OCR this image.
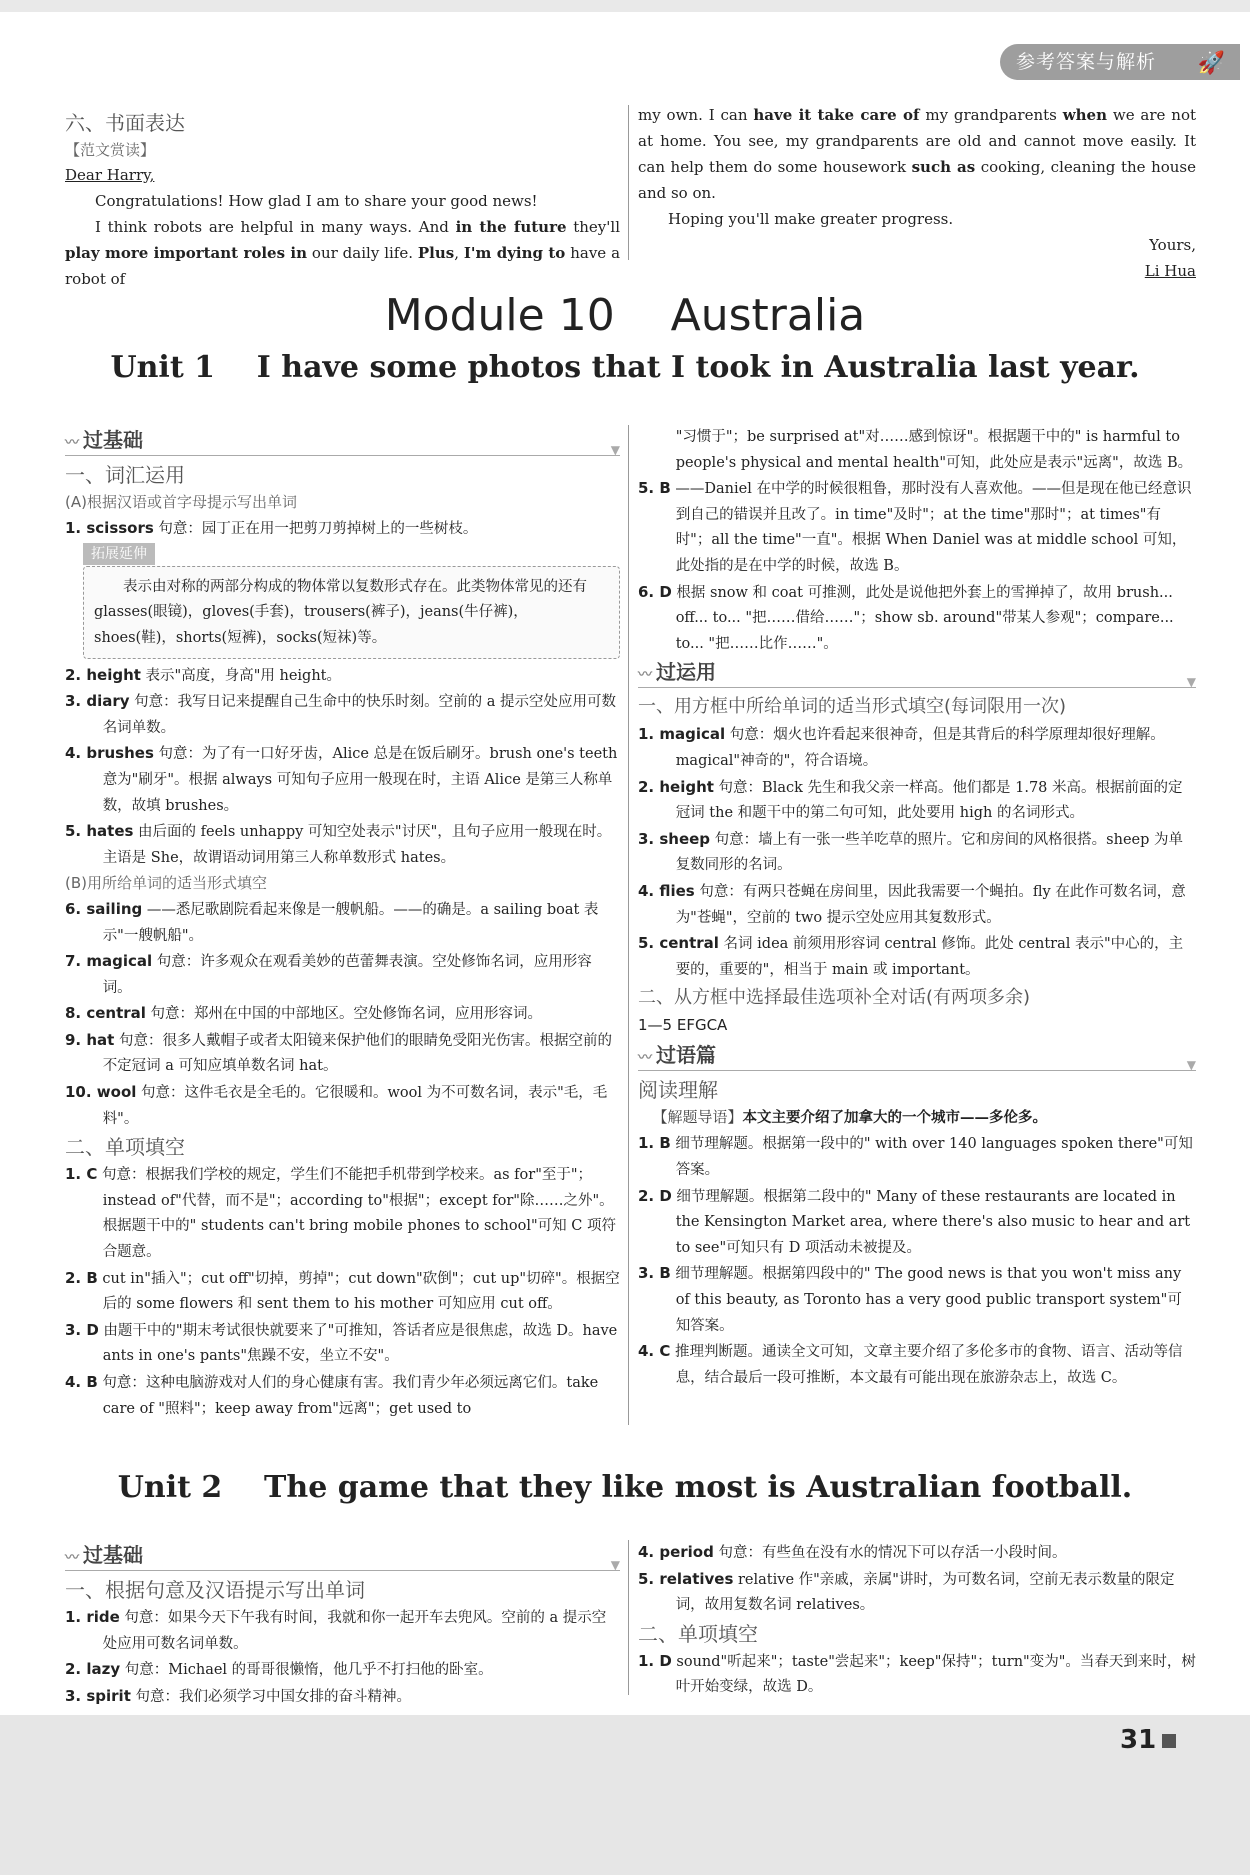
参考答案与解析 🚀
六、书面表达
【范文赏读】

Dear Harry,

Congratulations! How glad I am to share your good news!

I think robots are helpful in many ways. And in the future they'll play more important roles in our daily life. Plus, I'm dying to have a robot of

my own. I can have it take care of my grandparents when we are not at home. You see, my grandparents are old and cannot move easily. It can help them do some housework such as cooking, cleaning the house and so on.

Hoping you'll make greater progress.

Yours,

Li Hua

Module 10    Australia
Unit 1    I have some photos that I took in Australia last year.
〰 过基础	▼
一、词汇运用
(A)根据汉语或首字母提示写出单词

1. scissors 句意：园丁正在用一把剪刀剪掉树上的一些树枝。

拓展延伸

表示由对称的两部分构成的物体常以复数形式存在。此类物体常见的还有 glasses(眼镜)，gloves(手套)，trousers(裤子)，jeans(牛仔裤)，shoes(鞋)，shorts(短裤)，socks(短袜)等。

2. height 表示"高度，身高"用 height。

3. diary 句意：我写日记来提醒自己生命中的快乐时刻。空前的 a 提示空处应用可数名词单数。

4. brushes 句意：为了有一口好牙齿，Alice 总是在饭后刷牙。brush one's teeth 意为"刷牙"。根据 always 可知句子应用一般现在时，主语 Alice 是第三人称单数，故填 brushes。

5. hates 由后面的 feels unhappy 可知空处表示"讨厌"，且句子应用一般现在时。主语是 She，故谓语动词用第三人称单数形式 hates。

(B)用所给单词的适当形式填空

6. sailing ——悉尼歌剧院看起来像是一艘帆船。——的确是。a sailing boat 表示"一艘帆船"。

7. magical 句意：许多观众在观看美妙的芭蕾舞表演。空处修饰名词，应用形容词。

8. central 句意：郑州在中国的中部地区。空处修饰名词，应用形容词。

9. hat 句意：很多人戴帽子或者太阳镜来保护他们的眼睛免受阳光伤害。根据空前的不定冠词 a 可知应填单数名词 hat。

10. wool 句意：这件毛衣是全毛的。它很暖和。wool 为不可数名词，表示"毛，毛料"。

二、单项填空

1. C 句意：根据我们学校的规定，学生们不能把手机带到学校来。as for"至于"；instead of"代替，而不是"；according to"根据"；except for"除……之外"。根据题干中的" students can't bring mobile phones to school"可知 C 项符合题意。

2. B cut in"插入"；cut off"切掉，剪掉"；cut down"砍倒"；cut up"切碎"。根据空后的 some flowers 和 sent them to his mother 可知应用 cut off。

3. D 由题干中的"期末考试很快就要来了"可推知，答话者应是很焦虑，故选 D。have ants in one's pants"焦躁不安，坐立不安"。

4. B 句意：这种电脑游戏对人们的身心健康有害。我们青少年必须远离它们。take care of "照料"；keep away from"远离"；get used to

"习惯于"；be surprised at"对……感到惊讶"。根据题干中的" is harmful to people's physical and mental health"可知，此处应是表示"远离"，故选 B。

5. B ——Daniel 在中学的时候很粗鲁，那时没有人喜欢他。——但是现在他已经意识到自己的错误并且改了。in time"及时"；at the time"那时"；at times"有时"；all the time"一直"。根据 When Daniel was at middle school 可知，此处指的是在中学的时候，故选 B。

6. D 根据 snow 和 coat 可推测，此处是说他把外套上的雪掸掉了，故用 brush... off... to... "把……借给……"；show sb. around"带某人参观"；compare... to... "把……比作……"。

〰 过运用	▼
一、用方框中所给单词的适当形式填空(每词限用一次)

1. magical 句意：烟火也许看起来很神奇，但是其背后的科学原理却很好理解。magical"神奇的"，符合语境。

2. height 句意：Black 先生和我父亲一样高。他们都是 1.78 米高。根据前面的定冠词 the 和题干中的第二句可知，此处要用 high 的名词形式。

3. sheep 句意：墙上有一张一些羊吃草的照片。它和房间的风格很搭。sheep 为单复数同形的名词。

4. flies 句意：有两只苍蝇在房间里，因此我需要一个蝇拍。fly 在此作可数名词，意为"苍蝇"，空前的 two 提示空处应用其复数形式。

5. central 名词 idea 前须用形容词 central 修饰。此处 central 表示"中心的，主要的，重要的"，相当于 main 或 important。

二、从方框中选择最佳选项补全对话(有两项多余)

1—5 EFGCA

〰 过语篇	▼
阅读理解

【解题导语】本文主要介绍了加拿大的一个城市——多伦多。

1. B 细节理解题。根据第一段中的" with over 140 languages spoken there"可知答案。

2. D 细节理解题。根据第二段中的" Many of these restaurants are located in the Kensington Market area, where there's also music to hear and art to see"可知只有 D 项活动未被提及。

3. B 细节理解题。根据第四段中的" The good news is that you won't miss any of this beauty, as Toronto has a very good public transport system"可知答案。

4. C 推理判断题。通读全文可知，文章主要介绍了多伦多市的食物、语言、活动等信息，结合最后一段可推断，本文最有可能出现在旅游杂志上，故选 C。

Unit 2    The game that they like most is Australian football.
〰 过基础	▼
一、根据句意及汉语提示写出单词

1. ride 句意：如果今天下午我有时间，我就和你一起开车去兜风。空前的 a 提示空处应用可数名词单数。

2. lazy 句意：Michael 的哥哥很懒惰，他几乎不打扫他的卧室。

3. spirit 句意：我们必须学习中国女排的奋斗精神。

4. period 句意：有些鱼在没有水的情况下可以存活一小段时间。

5. relatives relative 作"亲戚，亲属"讲时，为可数名词，空前无表示数量的限定词，故用复数名词 relatives。

二、单项填空

1. D sound"听起来"；taste"尝起来"；keep"保持"；turn"变为"。当春天到来时，树叶开始变绿，故选 D。

31
